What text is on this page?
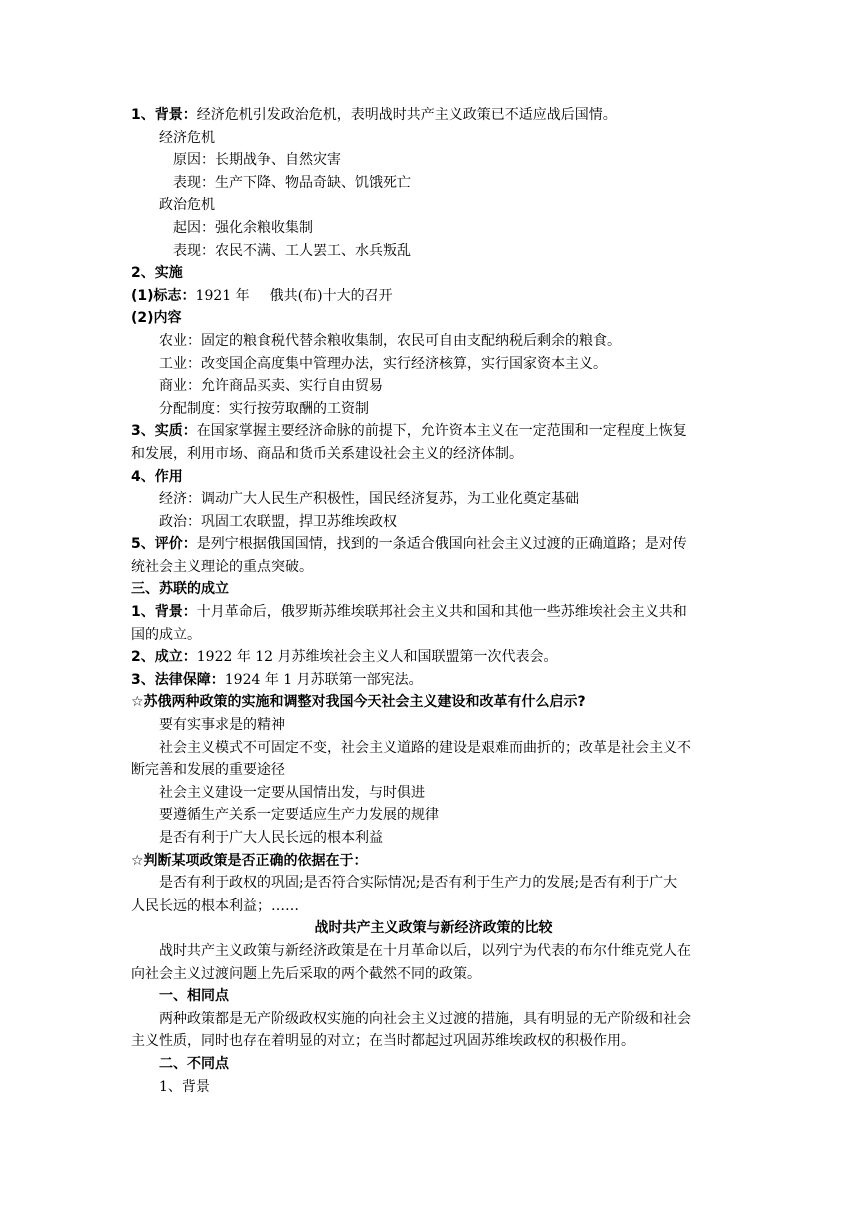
1、背景：经济危机引发政治危机，表明战时共产主义政策已不适应战后国情。
经济危机
原因：长期战争、自然灾害
表现：生产下降、物品奇缺、饥饿死亡
政治危机
起因：强化余粮收集制
表现：农民不满、工人罢工、水兵叛乱
2、实施
(1)标志：1921 年 俄共(布)十大的召开
(2)内容
农业：固定的粮食税代替余粮收集制，农民可自由支配纳税后剩余的粮食。
工业：改变国企高度集中管理办法，实行经济核算，实行国家资本主义。
商业：允许商品买卖、实行自由贸易
分配制度：实行按劳取酬的工资制
3、实质：在国家掌握主要经济命脉的前提下，允许资本主义在一定范围和一定程度上恢复
和发展，利用市场、商品和货币关系建设社会主义的经济体制。
4、作用
经济：调动广大人民生产积极性，国民经济复苏，为工业化奠定基础
政治：巩固工农联盟，捍卫苏维埃政权
5、评价：是列宁根据俄国国情，找到的一条适合俄国向社会主义过渡的正确道路；是对传
统社会主义理论的重点突破。
三、苏联的成立
1、背景：十月革命后，俄罗斯苏维埃联邦社会主义共和国和其他一些苏维埃社会主义共和
国的成立。
2、成立：1922 年 12 月苏维埃社会主义人和国联盟第一次代表会。
3、法律保障：1924 年 1 月苏联第一部宪法。
☆苏俄两种政策的实施和调整对我国今天社会主义建设和改革有什么启示?
要有实事求是的精神
社会主义模式不可固定不变，社会主义道路的建设是艰难而曲折的；改革是社会主义不
断完善和发展的重要途径
社会主义建设一定要从国情出发，与时俱进
要遵循生产关系一定要适应生产力发展的规律
是否有利于广大人民长远的根本利益
☆判断某项政策是否正确的依据在于：
是否有利于政权的巩固;是否符合实际情况;是否有利于生产力的发展;是否有利于广大
人民长远的根本利益；……
战时共产主义政策与新经济政策的比较
战时共产主义政策与新经济政策是在十月革命以后，以列宁为代表的布尔什维克党人在
向社会主义过渡问题上先后采取的两个截然不同的政策。
一、相同点
两种政策都是无产阶级政权实施的向社会主义过渡的措施，具有明显的无产阶级和社会
主义性质，同时也存在着明显的对立；在当时都起过巩固苏维埃政权的积极作用。
二、不同点
1、背景
